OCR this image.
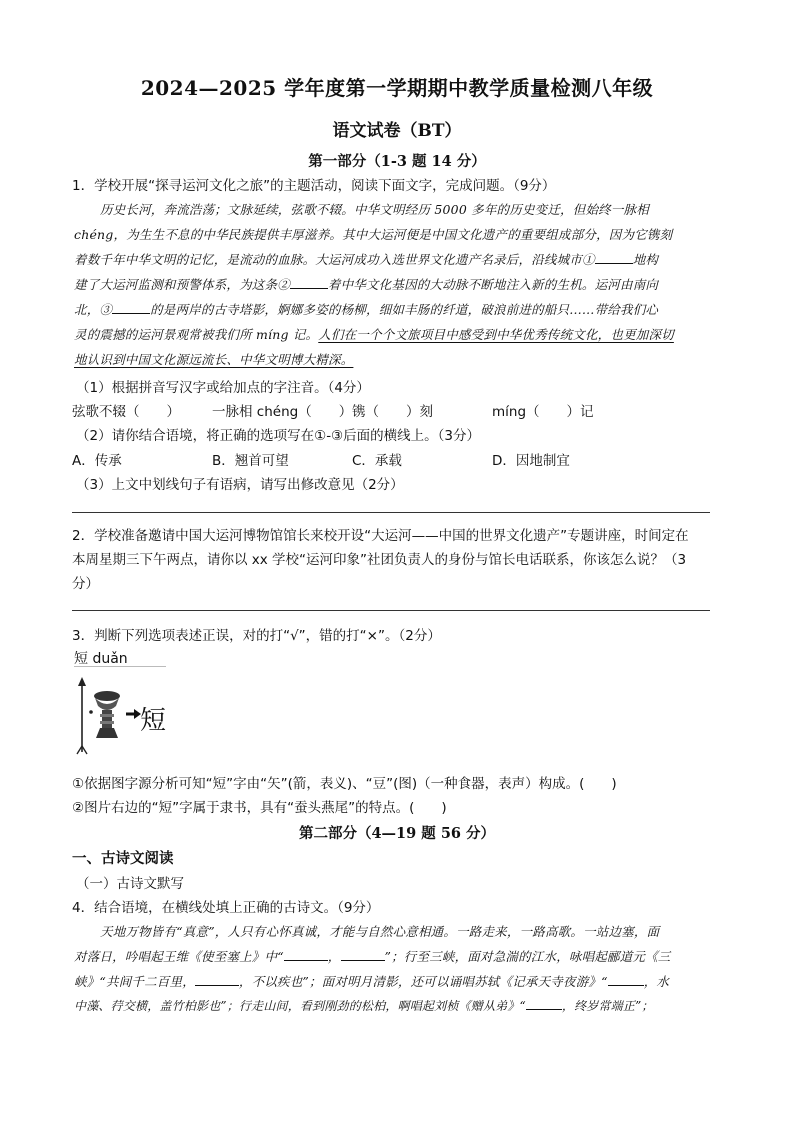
2024—2025 学年度第一学期期中教学质量检测八年级
语文试卷（BT）
第一部分（1-3 题 14 分）
1．学校开展“探寻运河文化之旅”的主题活动，阅读下面文字，完成问题。（9分）
历史长河，奔流浩荡；文脉延续，弦歌不辍。中华文明经历 5000 多年的历史变迁，但始终一脉相
chéng，为生生不息的中华民族提供丰厚滋养。其中大运河便是中国文化遗产的重要组成部分，因为它镌刻
着数千年中华文明的记忆，是流动的血脉。大运河成功入选世界文化遗产名录后，沿线城市①	地构
建了大运河监测和预警体系，为这条②	着中华文化基因的大动脉不断地注入新的生机。运河由南向
北，③	的是两岸的古寺塔影，婀娜多姿的杨柳，细如丰肠的纤道，破浪前进的船只……带给我们心
灵的震撼的运河景观常被我们所 míng 记。人们在一个个文旅项目中感受到中华优秀传统文化，也更加深切
地认识到中国文化源远流长、中华文明博大精深。
（1）根据拼音写汉字或给加点的字注音。（4分）
弦歌不辍（　　） 一脉相 chéng（　　） 镌（　　）刻	míng（　　）记
（2）请你结合语境，将正确的选项写在①-③后面的横线上。（3分）
A．传承	B．翘首可望	C．承载	D．因地制宜
（3）上文中划线句子有语病，请写出修改意见（2分）
2．学校准备邀请中国大运河博物馆馆长来校开设“大运河——中国的世界文化遗产”专题讲座，时间定在
本周星期三下午两点，请你以 xx 学校“运河印象”社团负责人的身份与馆长电话联系，你该怎么说？（3
分）
3．判断下列选项表述正误，对的打“√”，错的打“×”。（2分）
短 duǎn
短
①依据图字源分析可知“短”字由“矢”(箭，表义)、“豆”(图)（一种食器，表声）构成。(　　)
②图片右边的“短”字属于隶书，具有“蚕头燕尾”的特点。(　　)
第二部分（4—19 题 56 分）
一、古诗文阅读
（一）古诗文默写
4．结合语境，在横线处填上正确的古诗文。（9分）
天地万物皆有“真意”，人只有心怀真诚，才能与自然心意相通。一路走来，一路高歌。一站边塞，面
对落日，吟唱起王维《使至塞上》中“	，	”；行至三峡，面对急湍的江水，咏唱起郦道元《三
峡》“共间千二百里，	，不以疾也”；面对明月清影，还可以诵唱苏轼《记承天寺夜游》“	，水
中藻、荇交横，盖竹柏影也”；行走山间，看到刚劲的松柏，啊唱起刘桢《赠从弟》“	，终岁常端正”；
